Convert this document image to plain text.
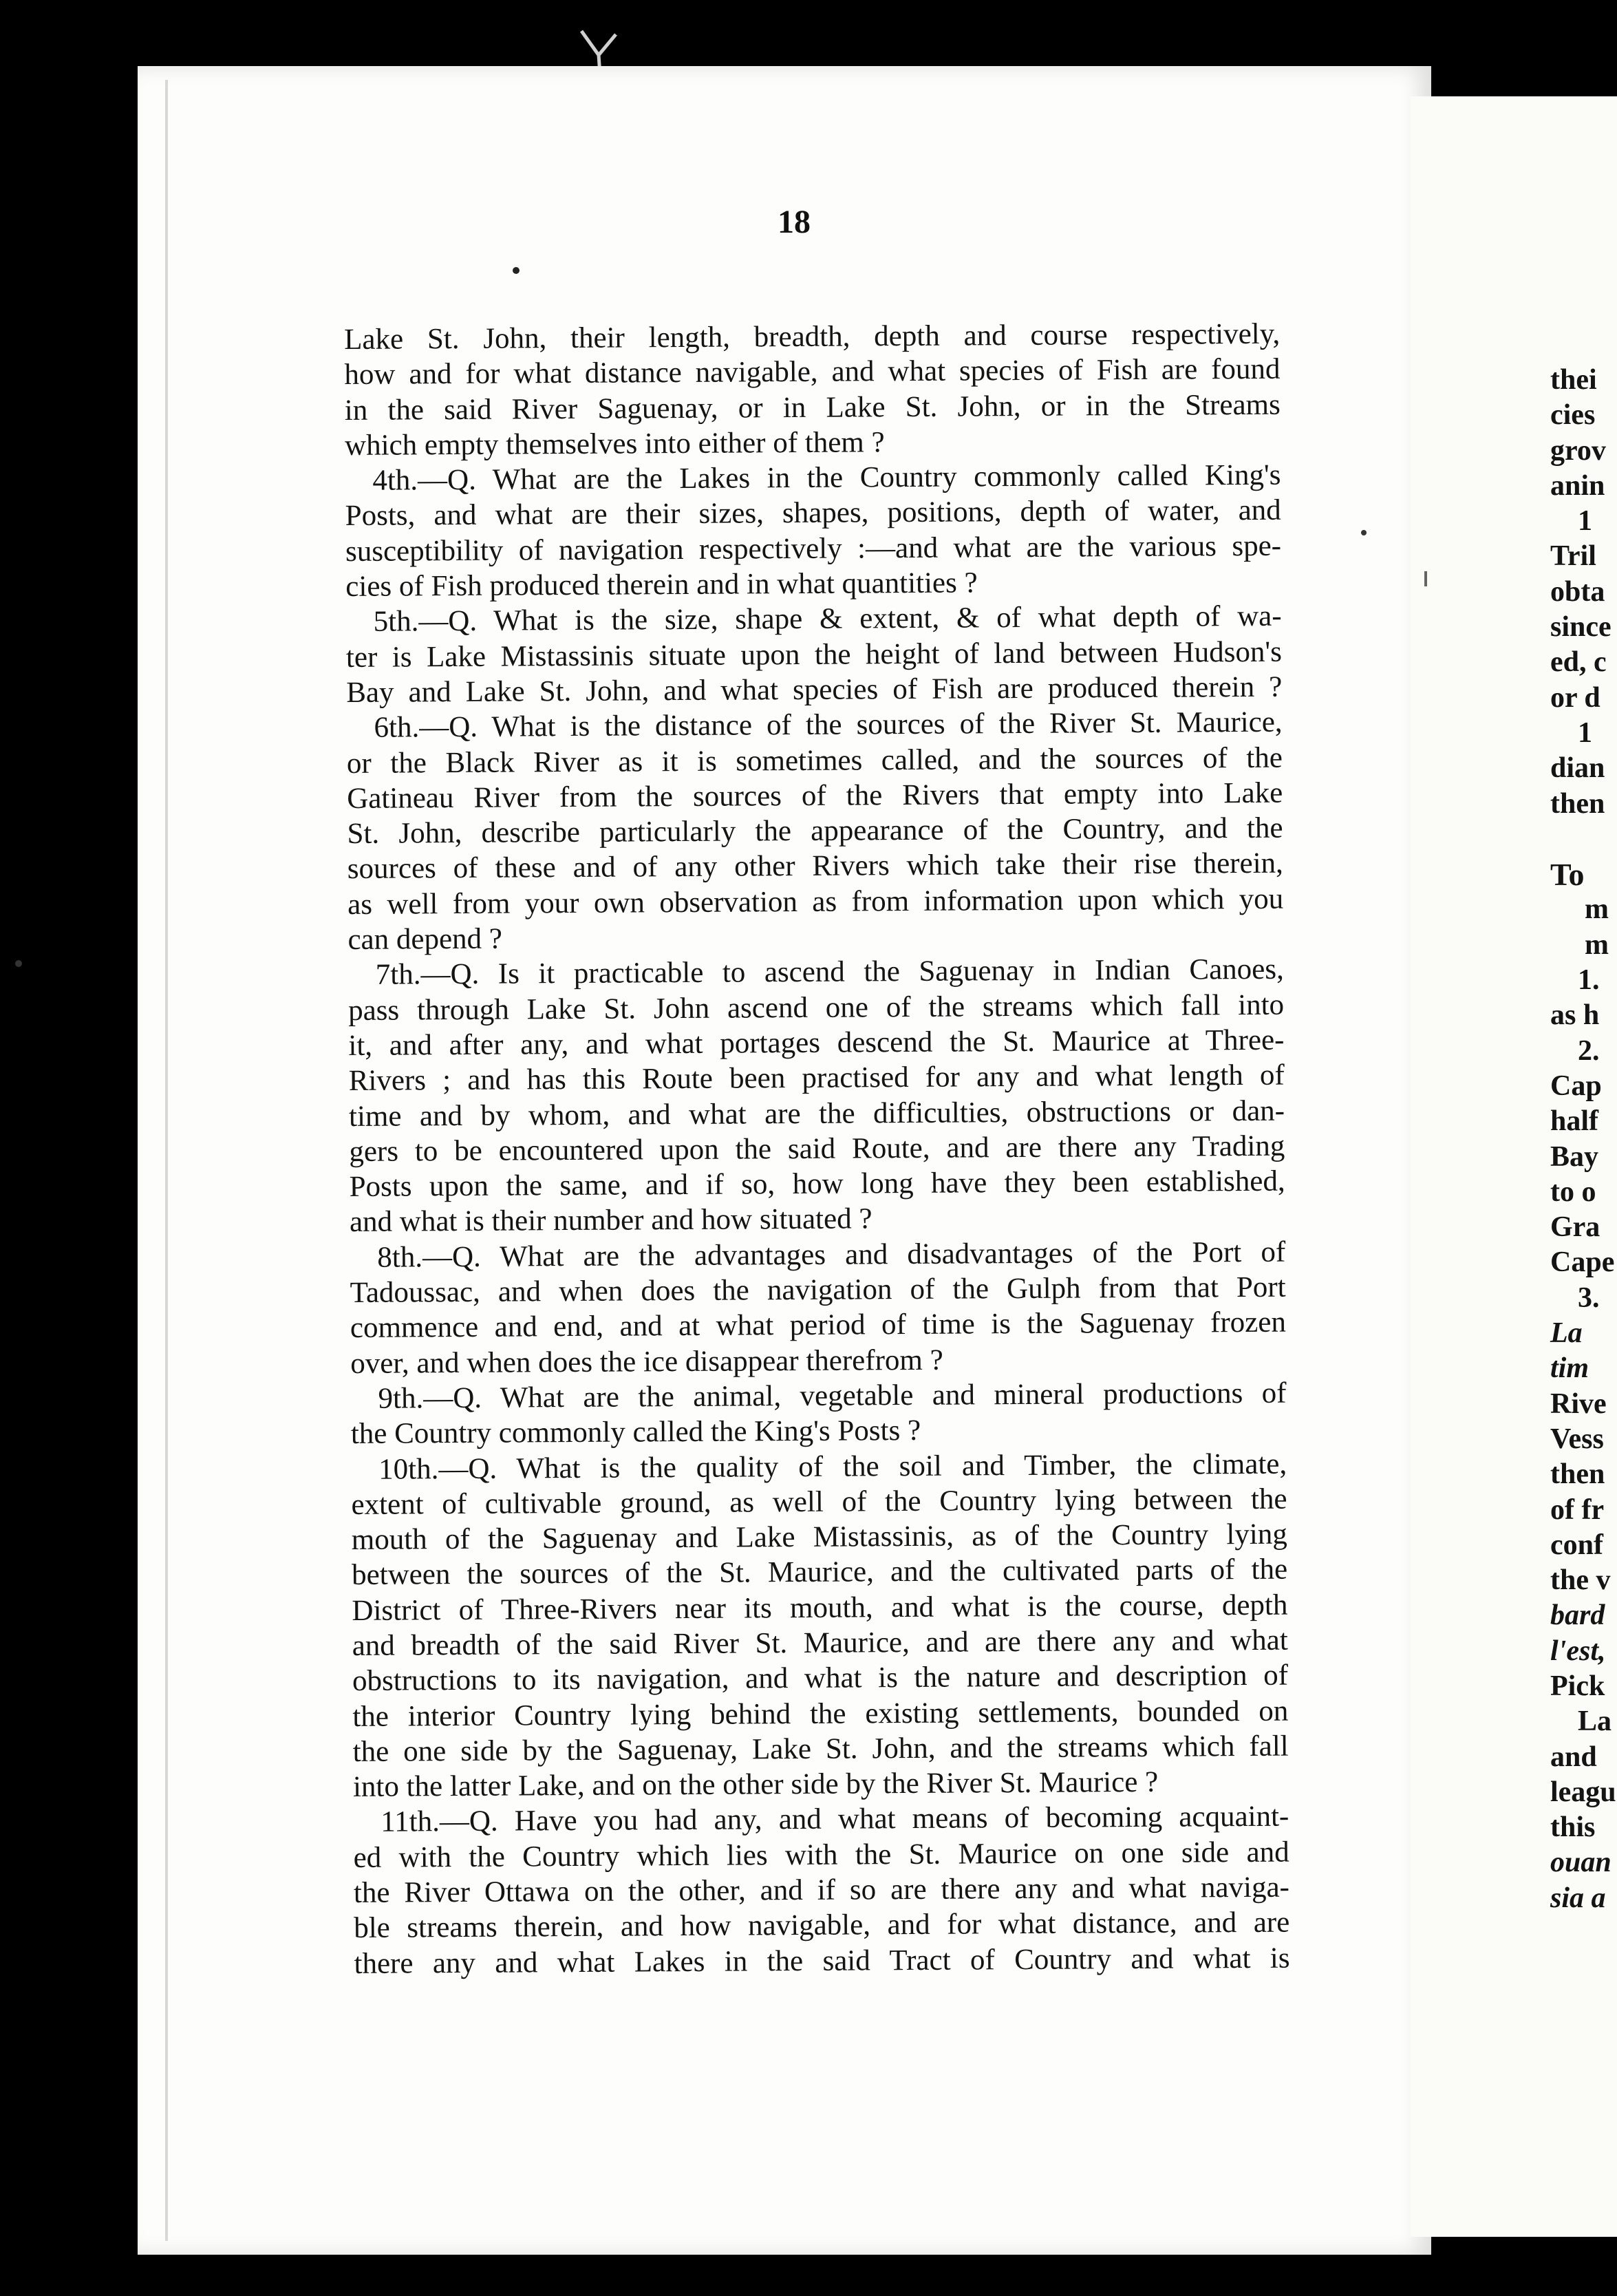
18
Lake St. John, their length, breadth, depth and course respectively,
how and for what distance navigable, and what species of Fish are found
in the said River Saguenay, or in Lake St. John, or in the Streams
which empty themselves into either of them ?
4th.—Q. What are the Lakes in the Country commonly called King's
Posts, and what are their sizes, shapes, positions, depth of water, and
susceptibility of navigation respectively :—and what are the various spe-
cies of Fish produced therein and in what quantities ?
5th.—Q. What is the size, shape & extent, & of what depth of wa-
ter is Lake Mistassinis situate upon the height of land between Hudson's
Bay and Lake St. John, and what species of Fish are produced therein ?
6th.—Q. What is the distance of the sources of the River St. Maurice,
or the Black River as it is sometimes called, and the sources of the
Gatineau River from the sources of the Rivers that empty into Lake
St. John, describe particularly the appearance of the Country, and the
sources of these and of any other Rivers which take their rise therein,
as well from your own observation as from information upon which you
can depend ?
7th.—Q. Is it practicable to ascend the Saguenay in Indian Canoes,
pass through Lake St. John ascend one of the streams which fall into
it, and after any, and what portages descend the St. Maurice at Three-
Rivers ; and has this Route been practised for any and what length of
time and by whom, and what are the difficulties, obstructions or dan-
gers to be encountered upon the said Route, and are there any Trading
Posts upon the same, and if so, how long have they been established,
and what is their number and how situated ?
8th.—Q. What are the advantages and disadvantages of the Port of
Tadoussac, and when does the navigation of the Gulph from that Port
commence and end, and at what period of time is the Saguenay frozen
over, and when does the ice disappear therefrom ?
9th.—Q. What are the animal, vegetable and mineral productions of
the Country commonly called the King's Posts ?
10th.—Q. What is the quality of the soil and Timber, the climate,
extent of cultivable ground, as well of the Country lying between the
mouth of the Saguenay and Lake Mistassinis, as of the Country lying
between the sources of the St. Maurice, and the cultivated parts of the
District of Three-Rivers near its mouth, and what is the course, depth
and breadth of the said River St. Maurice, and are there any and what
obstructions to its navigation, and what is the nature and description of
the interior Country lying behind the existing settlements, bounded on
the one side by the Saguenay, Lake St. John, and the streams which fall
into the latter Lake, and on the other side by the River St. Maurice ?
11th.—Q. Have you had any, and what means of becoming acquaint-
ed with the Country which lies with the St. Maurice on one side and
the River Ottawa on the other, and if so are there any and what naviga-
ble streams therein, and how navigable, and for what distance, and are
there any and what Lakes in the said Tract of Country and what is
thei
cies
grov
anin
1
Tril
obta
since
ed, c
or d
1
dian
then
To
m
m
1.
as h
2.
Cap
half
Bay
to o
Gra
Cape
3.
La
tim
Rive
Vess
then
of fr
conf
the v
bard
l'est,
Pick
La
and
leagu
this
ouan
sia a
